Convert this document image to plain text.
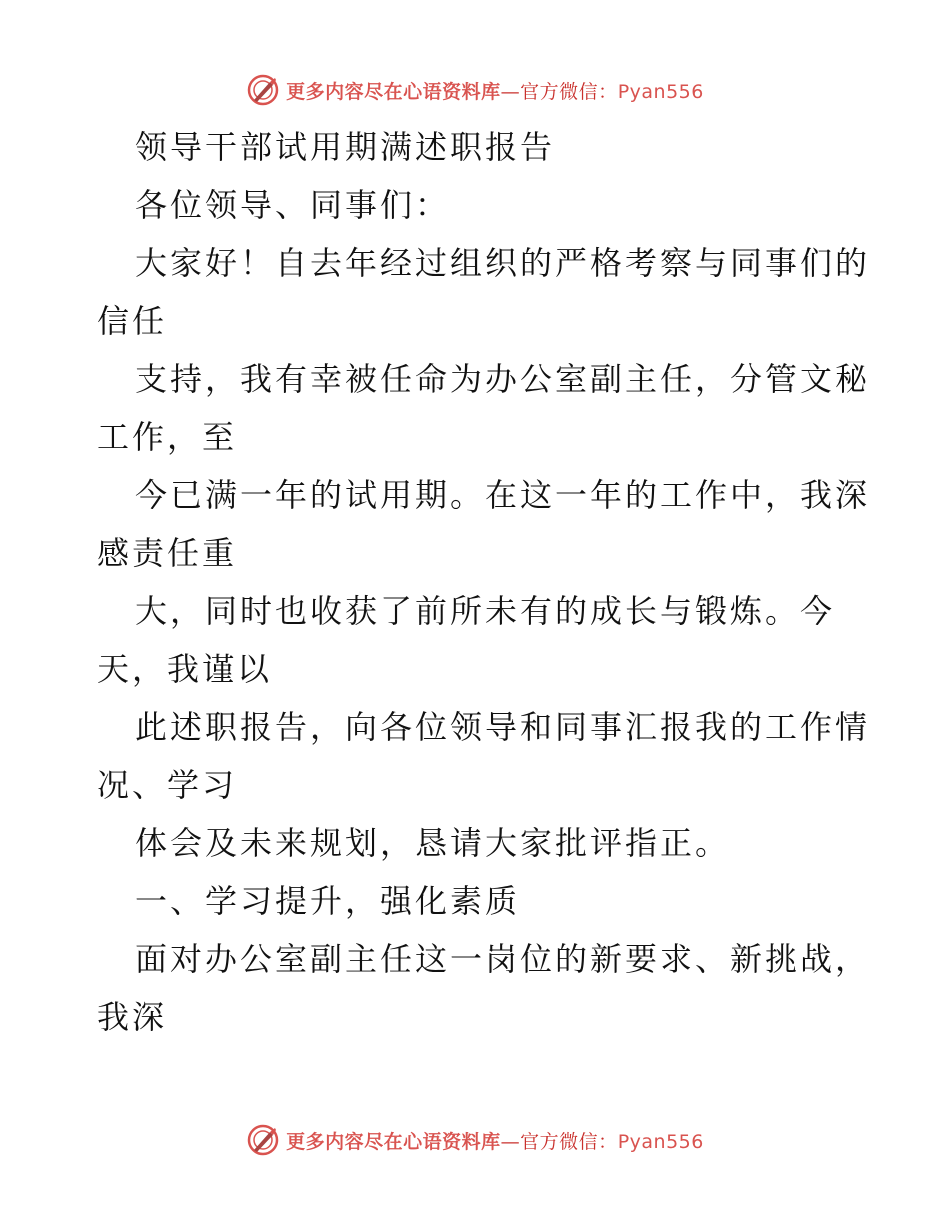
更多内容尽在心语资料库—官方微信：Pyan556

领导干部试用期满述职报告

各位领导、同事们：

大家好！自去年经过组织的严格考察与同事们的

信任

支持，我有幸被任命为办公室副主任，分管文秘

工作，至

今已满一年的试用期。在这一年的工作中，我深

感责任重

大，同时也收获了前所未有的成长与锻炼。今

天，我谨以

此述职报告，向各位领导和同事汇报我的工作情

况、学习

体会及未来规划，恳请大家批评指正。

一、学习提升，强化素质

面对办公室副主任这一岗位的新要求、新挑战，

我深

更多内容尽在心语资料库—官方微信：Pyan556
